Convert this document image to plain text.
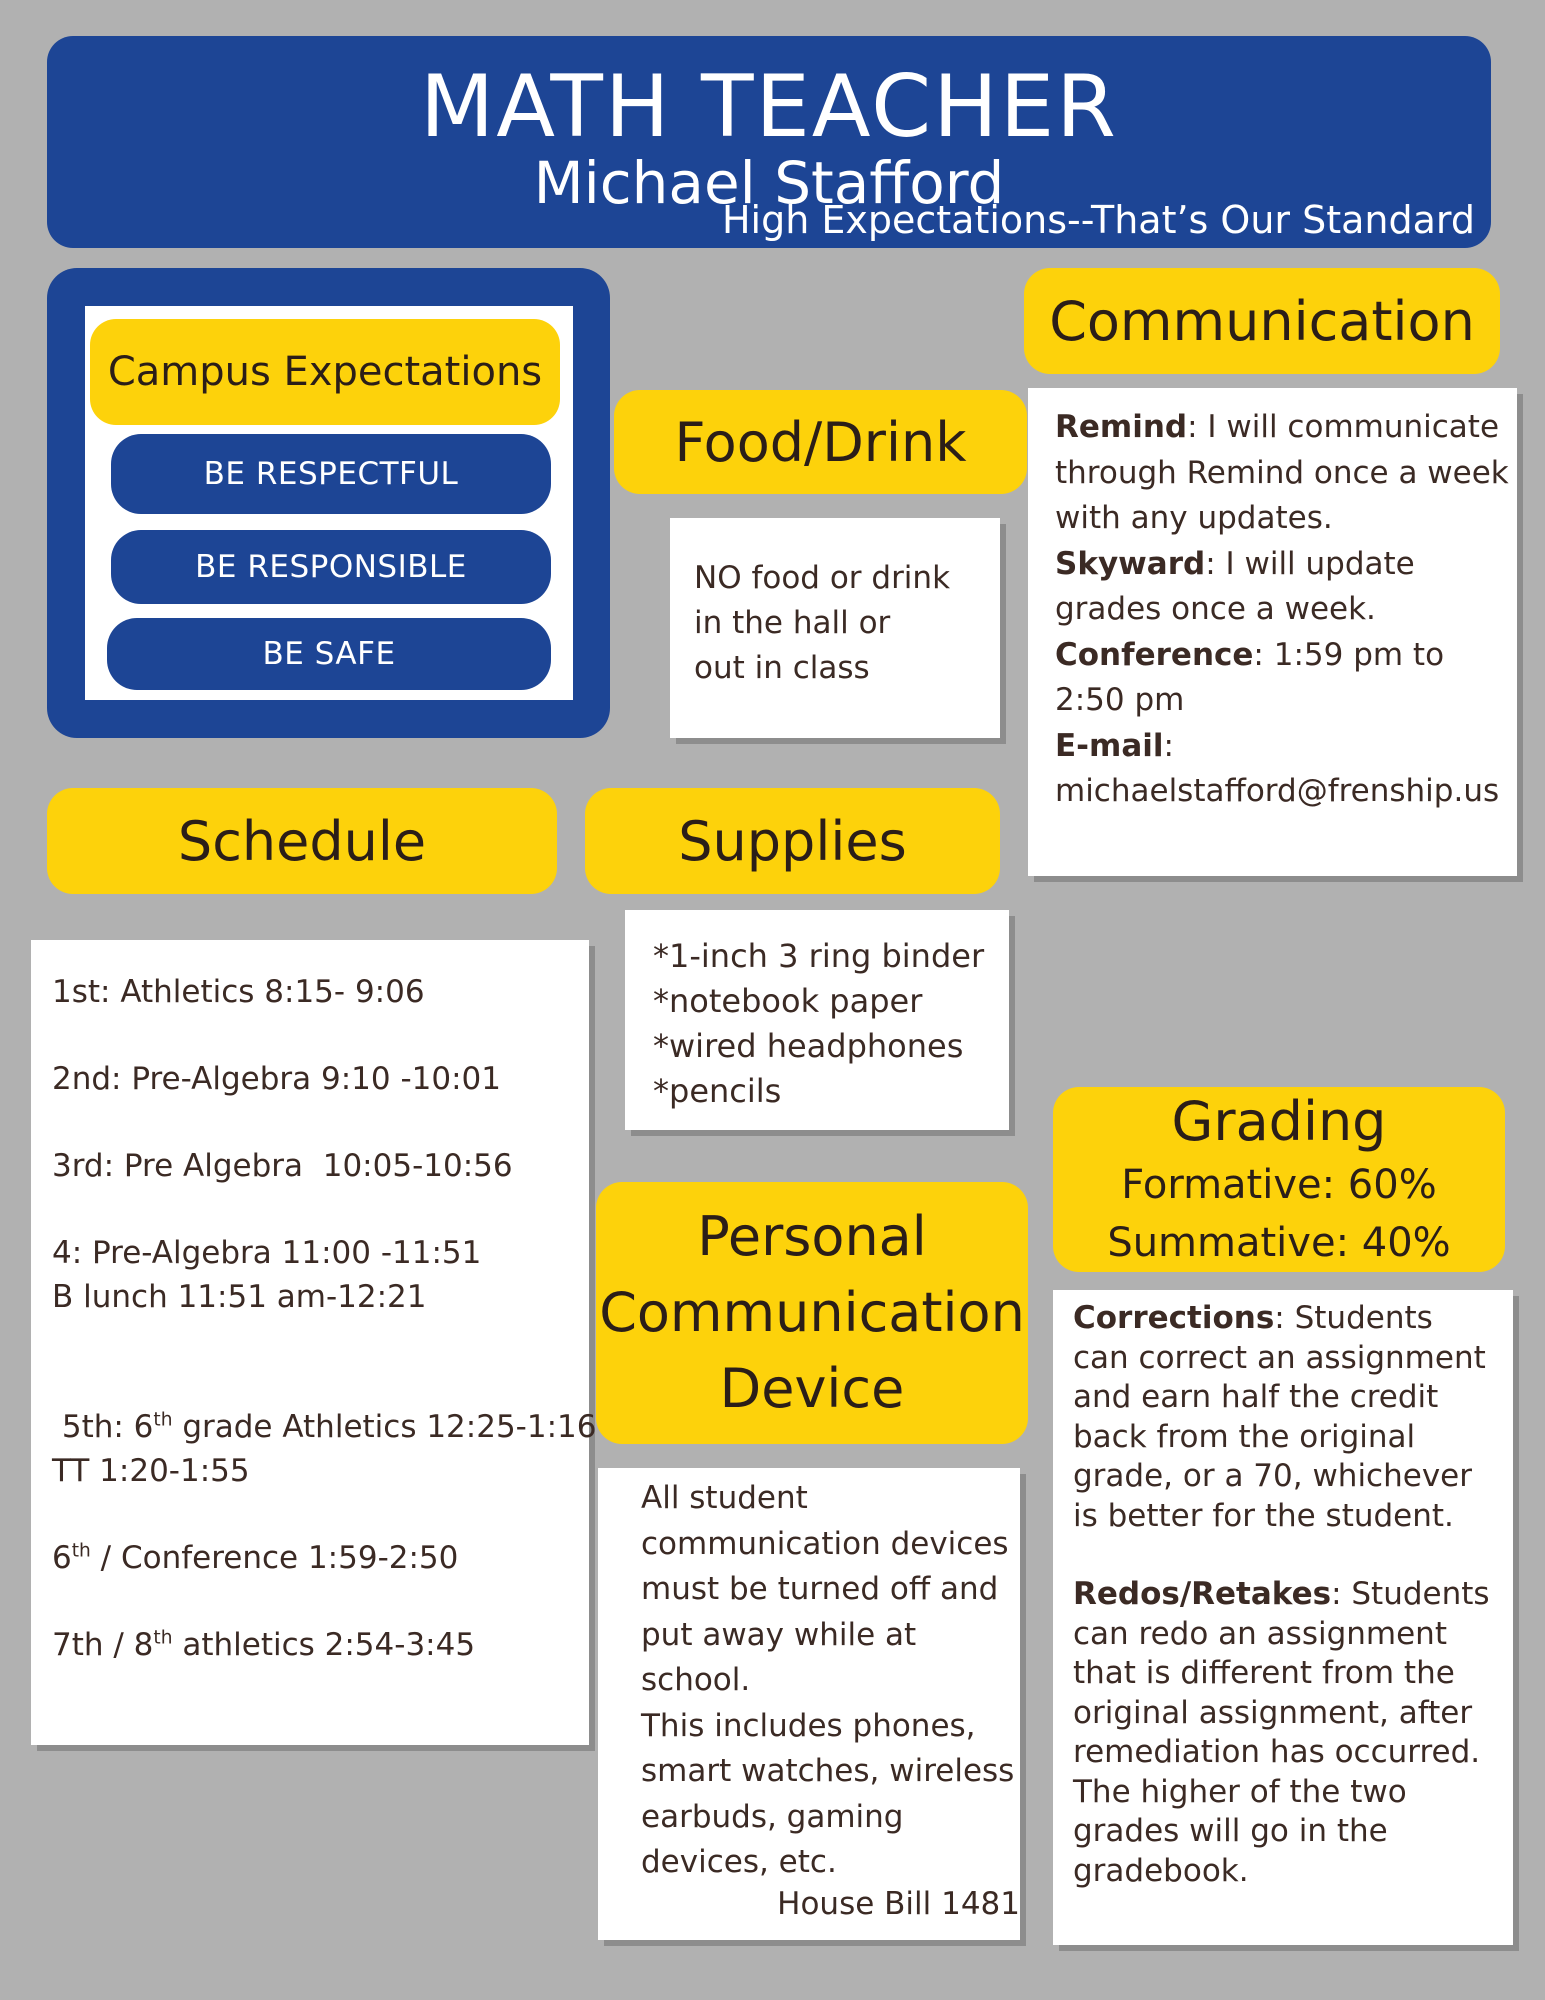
MATH TEACHER
Michael Stafford
High Expectations--That’s Our Standard
Campus Expectations
BE RESPECTFUL
BE RESPONSIBLE
BE SAFE
Food/Drink
NO food or drink
in the hall or
out in class
Communication
Remind: I will communicate through Remind once a week with any updates.
Skyward: I will update grades once a week.
Conference: 1:59 pm to 2:50 pm
E-mail:
michaelstafford@frenship.us
Schedule
1st: Athletics 8:15- 9:06
2nd: Pre-Algebra 9:10 -10:01
3rd: Pre Algebra  10:05-10:56
4: Pre-Algebra 11:00 -11:51
B lunch 11:51 am-12:21
5th: 6th grade Athletics 12:25-1:16
TT 1:20-1:55
6th / Conference 1:59-2:50
7th / 8th athletics 2:54-3:45
Supplies
*1-inch 3 ring binder
*notebook paper
*wired headphones
*pencils	Grading
Formative: 60%
Summative: 40%
Corrections: Students can correct an assignment and earn half the credit back from the original grade, or a 70, whichever is better for the student.
Redos/Retakes: Students can redo an assignment that is different from the original assignment, after remediation has occurred. The higher of the two grades will go in the gradebook.
Personal
Communication
Device
All student communication devices must be turned off and put away while at school.
This includes phones, smart watches, wireless earbuds, gaming devices, etc.
House Bill 1481
